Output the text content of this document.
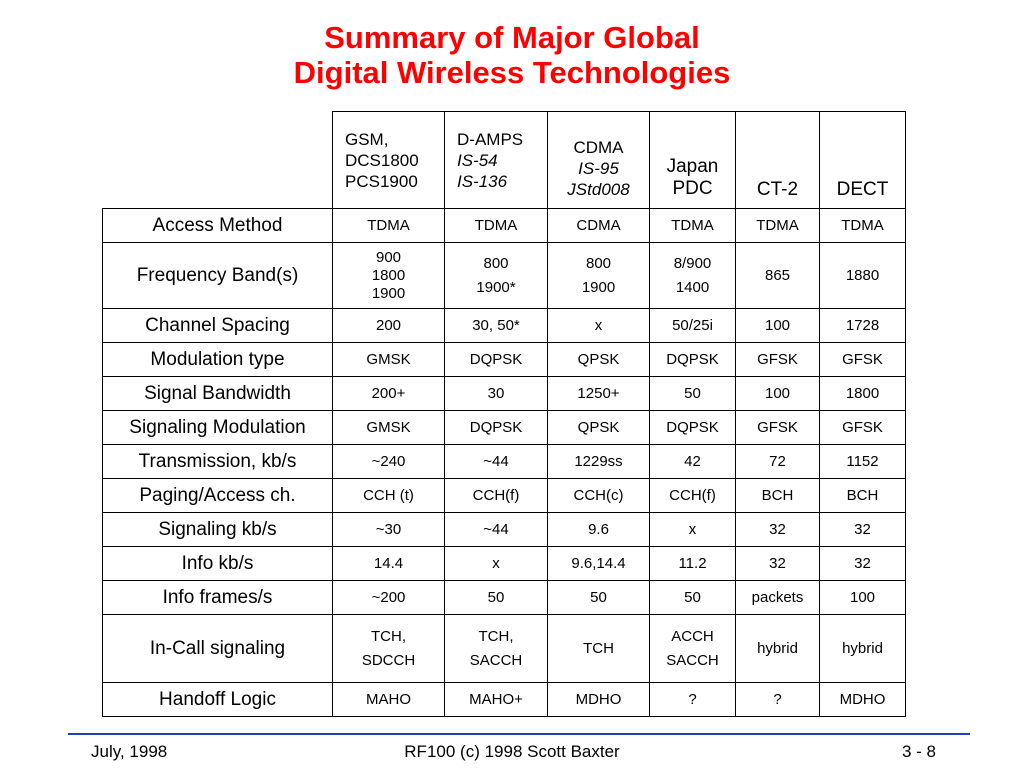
Summary of Major Global
Digital Wireless Technologies

	GSM,
DCS1800
PCS1900	D-AMPS
IS-54
IS-136	CDMA
IS-95
JStd008	Japan
PDC	CT-2	DECT

Access Method	TDMA	TDMA	CDMA	TDMA	TDMA	TDMA

Frequency Band(s)	900
1800
1900	800
1900*	800
1900	8/900
1400	865	1880

Channel Spacing	200	30, 50*	x	50/25i	100	1728

Modulation type	GMSK	DQPSK	QPSK	DQPSK	GFSK	GFSK

Signal Bandwidth	200+	30	1250+	50	100	1800

Signaling Modulation	GMSK	DQPSK	QPSK	DQPSK	GFSK	GFSK

Transmission, kb/s	~240	~44	1229ss	42	72	1152

Paging/Access ch.	CCH (t)	CCH(f)	CCH(c)	CCH(f)	BCH	BCH

Signaling kb/s	~30	~44	9.6	x	32	32

Info kb/s	14.4	x	9.6,14.4	11.2	32	32

Info frames/s	~200	50	50	50	packets	100

In-Call signaling	TCH,
SDCCH	TCH,
SACCH	TCH	ACCH
SACCH	hybrid	hybrid

Handoff Logic	MAHO	MAHO+	MDHO	?	?	MDHO
July, 1998	RF100 (c) 1998 Scott Baxter	3 - 8
